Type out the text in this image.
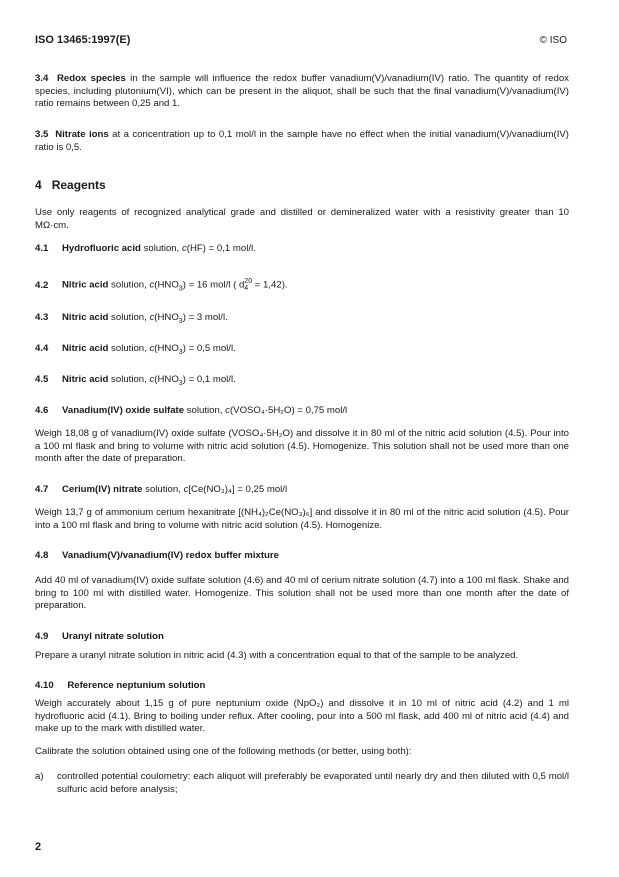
ISO 13465:1997(E)	© ISO
3.4 Redox species in the sample will influence the redox buffer vanadium(V)/vanadium(IV) ratio. The quantity of redox species, including plutonium(VI), which can be present in the aliquot, shall be such that the final vanadium(V)/vanadium(IV) ratio remains between 0,25 and 1.
3.5 Nitrate ions at a concentration up to 0,1 mol/l in the sample have no effect when the initial vanadium(V)/vanadium(IV) ratio is 0,5.
4 Reagents
Use only reagents of recognized analytical grade and distilled or demineralized water with a resistivity greater than 10 MΩ·cm.
4.1 Hydrofluoric acid solution, c(HF) = 0,1 mol/l.
4.2 Nitric acid solution, $c(HNO_3) = 16$ mol/l ( d 20
4 = 1,42).
4.3 Nitric acid solution, $c(HNO_3) = 3$ mol/l.
4.4 Nitric acid solution, $c(HNO_3) = 0,5$ mol/l.
4.5 Nitric acid solution, $c(HNO_3) = 0,1$ mol/l.
4.6 Vanadium(IV) oxide sulfate solution, c(VOSO₄·5H₂O) = 0,75 mol/l
Weigh 18,08 g of vanadium(IV) oxide sulfate (VOSO₄·5H₂O) and dissolve it in 80 ml of the nitric acid solution (4.5). Pour into a 100 ml flask and bring to volume with nitric acid solution (4.5). Homogenize. This solution shall not be used more than one month after the date of preparation.
4.7 Cerium(IV) nitrate solution, c[Ce(NO₃)₄] = 0,25 mol/l
Weigh 13,7 g of ammonium cerium hexanitrate [(NH₄)₂Ce(NO₃)₆] and dissolve it in 80 ml of the nitric acid solution (4.5). Pour into a 100 ml flask and bring to volume with nitric acid solution (4.5). Homogenize.
4.8 Vanadium(V)/vanadium(IV) redox buffer mixture
Add 40 ml of vanadium(IV) oxide sulfate solution (4.6) and 40 ml of cerium nitrate solution (4.7) into a 100 ml flask. Shake and bring to 100 ml with distilled water. Homogenize. This solution shall not be used more than one month after the date of preparation.
4.9 Uranyl nitrate solution
Prepare a uranyl nitrate solution in nitric acid (4.3) with a concentration equal to that of the sample to be analyzed.
4.10 Reference neptunium solution
Weigh accurately about 1,15 g of pure neptunium oxide (NpO₂) and dissolve it in 10 ml of nitric acid (4.2) and 1 ml hydrofluoric acid (4.1). Bring to boiling under reflux. After cooling, pour into a 500 ml flask, add 400 ml of nitric acid (4.4) and make up to the mark with distilled water.
Calibrate the solution obtained using one of the following methods (or better, using both):
a) controlled potential coulometry: each aliquot will preferably be evaporated until nearly dry and then diluted with 0,5 mol/l sulfuric acid before analysis;
2
